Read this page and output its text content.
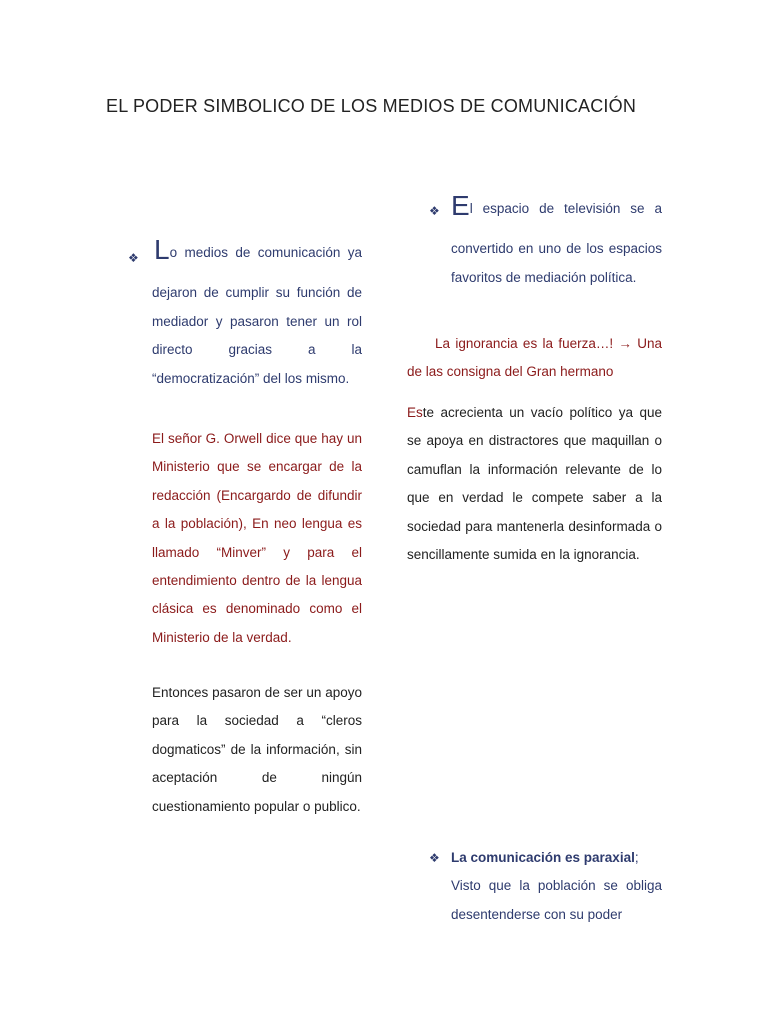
EL PODER SIMBOLICO DE LOS MEDIOS DE COMUNICACIÓN
❖ Lo medios de comunicación ya

dejaron de cumplir su función de mediador y pasaron tener un rol directo gracias a la “democratización” del los mismo.

El señor G. Orwell dice que hay un Ministerio que se encargar de la redacción (Encargardo de difundir a la población), En neo lengua es llamado “Minver” y para el entendimiento dentro de la lengua clásica es denominado como el Ministerio de la verdad.

Entonces pasaron de ser un apoyo para la sociedad a “cleros dogmaticos” de la información, sin aceptación de ningún cuestionamiento popular o publico.

❖ El espacio de televisión se a

convertido en uno de los espacios favoritos de mediación política.

La ignorancia es la fuerza…! → Una de las consigna del Gran hermano

Este acrecienta un vacío político ya que se apoya en distractores que maquillan o camuflan la información relevante de lo que en verdad le compete saber a la sociedad para mantenerla desinformada o sencillamente sumida en la ignorancia.

❖ La comunicación es paraxial;

Visto que la población se obliga desentenderse con su poder
